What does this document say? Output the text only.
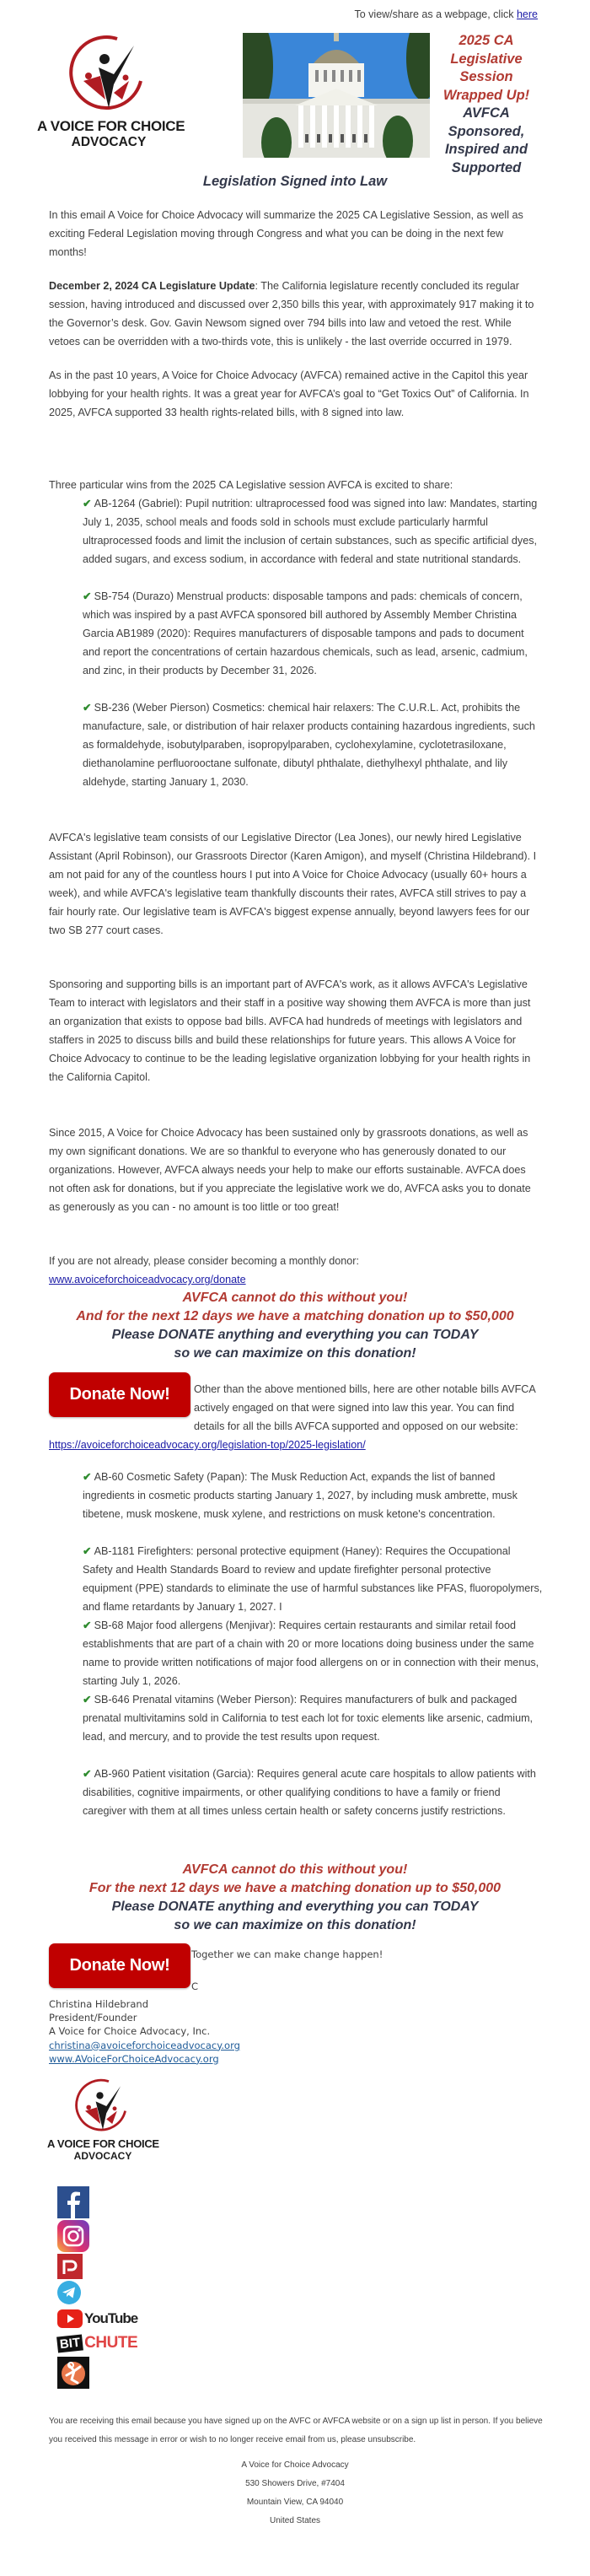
To view/share as a webpage, click here
A VOICE FOR CHOICE
ADVOCACY
2025 CA
Legislative
Session
Wrapped Up!
AVFCA
Sponsored,
Inspired and
Supported
Legislation Signed into Law

In this email A Voice for Choice Advocacy will summarize the 2025 CA Legislative Session, as well as exciting Federal Legislation moving through Congress and what you can be doing in the next few months!

December 2, 2024 CA Legislature Update: The California legislature recently concluded its regular session, having introduced and discussed over 2,350 bills this year, with approximately 917 making it to the Governor’s desk. Gov. Gavin Newsom signed over 794 bills into law and vetoed the rest. While vetoes can be overridden with a two-thirds vote, this is unlikely - the last override occurred in 1979.

As in the past 10 years, A Voice for Choice Advocacy (AVFCA) remained active in the Capitol this year lobbying for your health rights. It was a great year for AVFCA’s goal to “Get Toxics Out” of California. In 2025, AVFCA supported 33 health rights-related bills, with 8 signed into law.

Three particular wins from the 2025 CA Legislative session AVFCA is excited to share:

✔ AB-1264 (Gabriel): Pupil nutrition: ultraprocessed food was signed into law: Mandates, starting July 1, 2035, school meals and foods sold in schools must exclude particularly harmful ultraprocessed foods and limit the inclusion of certain substances, such as specific artificial dyes, added sugars, and excess sodium, in accordance with federal and state nutritional standards.

✔ SB-754 (Durazo) Menstrual products: disposable tampons and pads: chemicals of concern, which was inspired by a past AVFCA sponsored bill authored by Assembly Member Christina Garcia AB1989 (2020): Requires manufacturers of disposable tampons and pads to document and report the concentrations of certain hazardous chemicals, such as lead, arsenic, cadmium, and zinc, in their products by December 31, 2026.

✔ SB-236 (Weber Pierson) Cosmetics: chemical hair relaxers: The C.U.R.L. Act, prohibits the manufacture, sale, or distribution of hair relaxer products containing hazardous ingredients, such as formaldehyde, isobutylparaben, isopropylparaben, cyclohexylamine, cyclotetrasiloxane, diethanolamine perfluorooctane sulfonate, dibutyl phthalate, diethylhexyl phthalate, and lily aldehyde, starting January 1, 2030.

AVFCA's legislative team consists of our Legislative Director (Lea Jones), our newly hired Legislative Assistant (April Robinson), our Grassroots Director (Karen Amigon), and myself (Christina Hildebrand). I am not paid for any of the countless hours I put into A Voice for Choice Advocacy (usually 60+ hours a week), and while AVFCA's legislative team thankfully discounts their rates, AVFCA still strives to pay a fair hourly rate. Our legislative team is AVFCA's biggest expense annually, beyond lawyers fees for our two SB 277 court cases.

Sponsoring and supporting bills is an important part of AVFCA's work, as it allows AVFCA's Legislative Team to interact with legislators and their staff in a positive way showing them AVFCA is more than just an organization that exists to oppose bad bills. AVFCA had hundreds of meetings with legislators and staffers in 2025 to discuss bills and build these relationships for future years. This allows A Voice for Choice Advocacy to continue to be the leading legislative organization lobbying for your health rights in the California Capitol.

Since 2015, A Voice for Choice Advocacy has been sustained only by grassroots donations, as well as my own significant donations. We are so thankful to everyone who has generously donated to our organizations. However, AVFCA always needs your help to make our efforts sustainable. AVFCA does not often ask for donations, but if you appreciate the legislative work we do, AVFCA asks you to donate as generously as you can - no amount is too little or too great!

If you are not already, please consider becoming a monthly donor:
www.avoiceforchoiceadvocacy.org/donate

AVFCA cannot do this without you!
And for the next 12 days we have a matching donation up to $50,000
Please DONATE anything and everything you can TODAY
so we can maximize on this donation!
Donate Now!	Other than the above mentioned bills, here are other notable bills AVFCA actively engaged on that were signed into law this year. You can find details for all the bills AVFCA supported and opposed on our website: https://avoiceforchoiceadvocacy.org/legislation-top/2025-legislation/

✔ AB-60 Cosmetic Safety (Papan): The Musk Reduction Act, expands the list of banned ingredients in cosmetic products starting January 1, 2027, by including musk ambrette, musk tibetene, musk moskene, musk xylene, and restrictions on musk ketone's concentration.

✔ AB-1181 Firefighters: personal protective equipment (Haney): Requires the Occupational Safety and Health Standards Board to review and update firefighter personal protective equipment (PPE) standards to eliminate the use of harmful substances like PFAS, fluoropolymers, and flame retardants by January 1, 2027. I

✔ SB-68 Major food allergens (Menjivar): Requires certain restaurants and similar retail food establishments that are part of a chain with 20 or more locations doing business under the same name to provide written notifications of major food allergens on or in connection with their menus, starting July 1, 2026.

✔ SB-646 Prenatal vitamins (Weber Pierson): Requires manufacturers of bulk and packaged prenatal multivitamins sold in California to test each lot for toxic elements like arsenic, cadmium, lead, and mercury, and to provide the test results upon request.

✔ AB-960 Patient visitation (Garcia): Requires general acute care hospitals to allow patients with disabilities, cognitive impairments, or other qualifying conditions to have a family or friend caregiver with them at all times unless certain health or safety concerns justify restrictions.

AVFCA cannot do this without you!
For the next 12 days we have a matching donation up to $50,000
Please DONATE anything and everything you can TODAY
so we can maximize on this donation!
Donate Now!
Together we can make change happen!
C
Christina Hildebrand
President/Founder
A Voice for Choice Advocacy, Inc.
christina@avoiceforchoiceadvocacy.org
www.AVoiceForChoiceAdvocacy.org
A VOICE FOR CHOICE
ADVOCACY
YouTube
BIT CHUTE

You are receiving this email because you have signed up on the AVFC or AVFCA website or on a sign up list in person. If you believe you received this message in error or wish to no longer receive email from us, please unsubscribe.

A Voice for Choice Advocacy
530 Showers Drive, #7404
Mountain View, CA 94040
United States
